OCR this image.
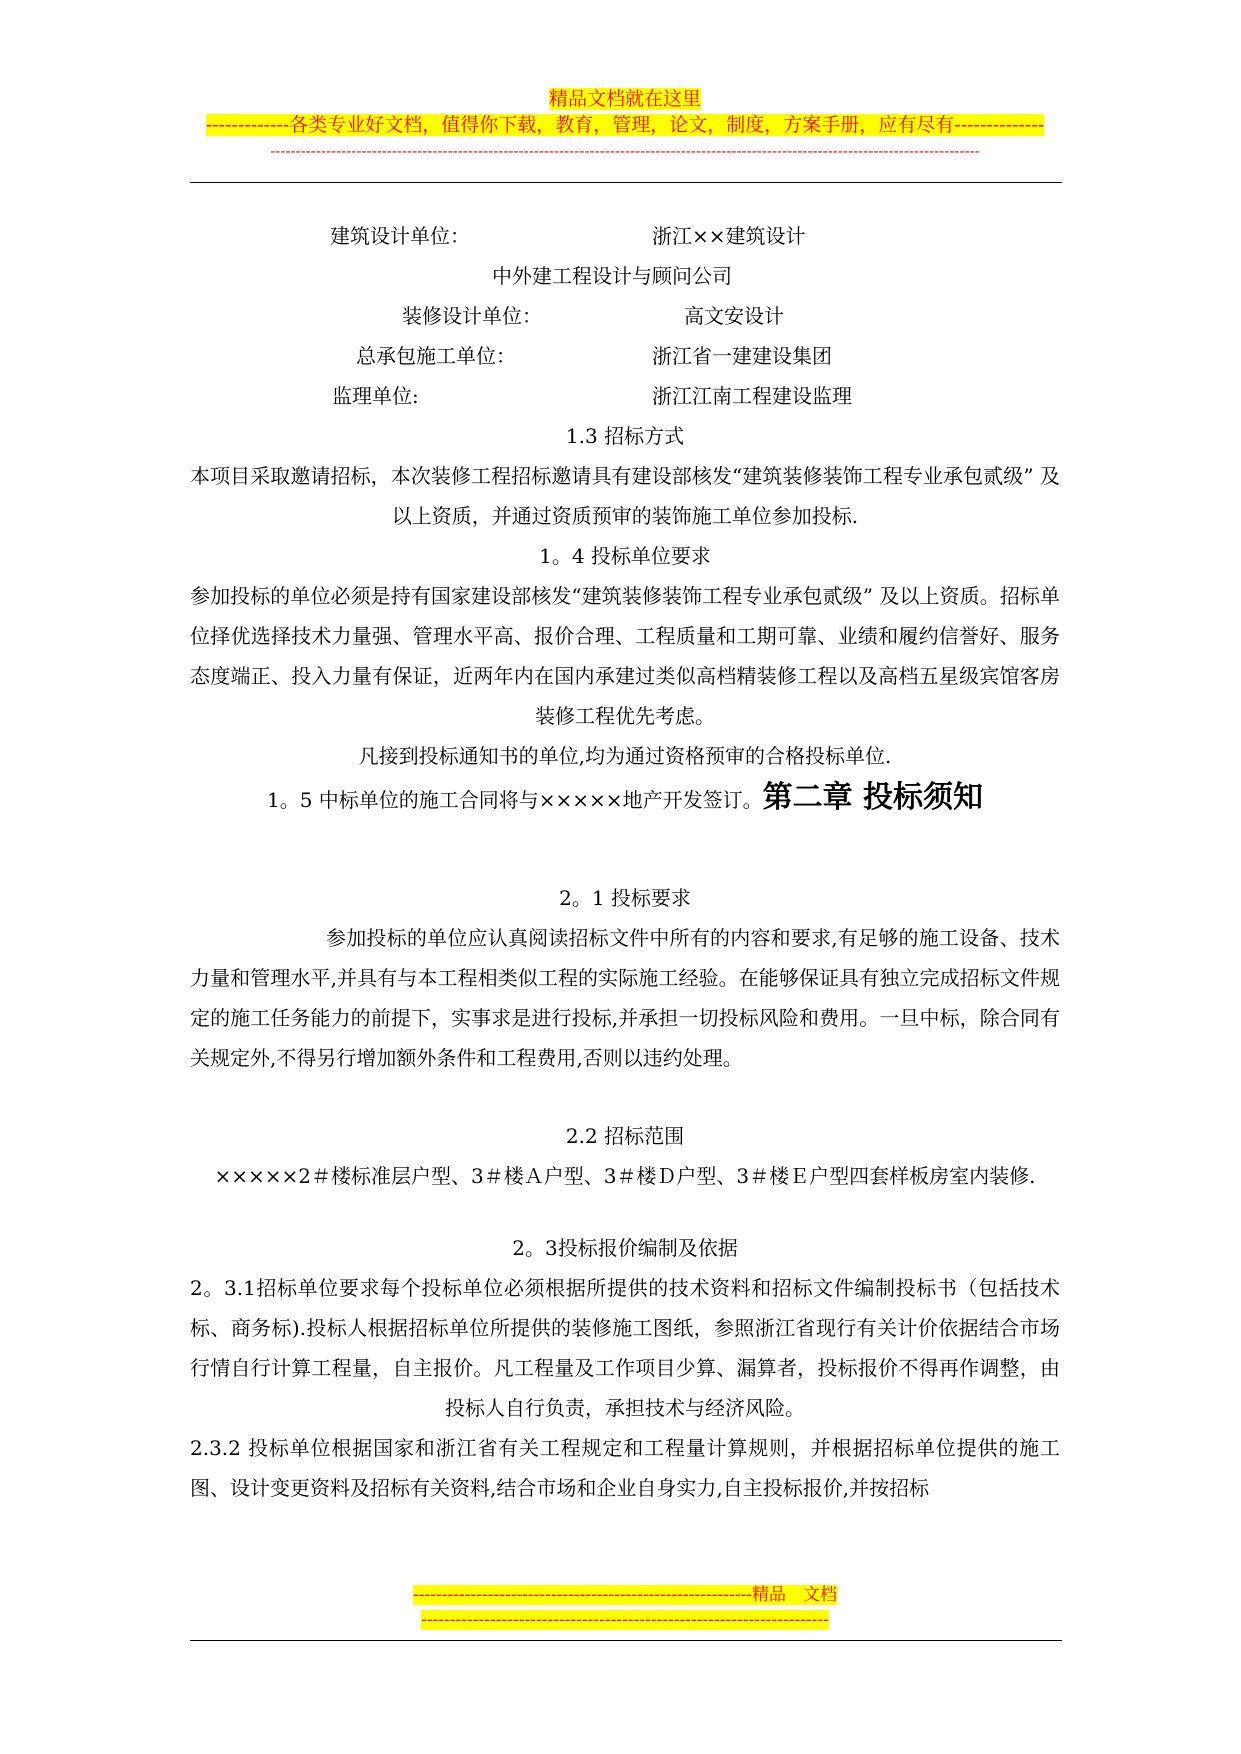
精品文档就在这里
-------------各类专业好文档，值得你下载，教育，管理，论文，制度，方案手册，应有尽有--------------
--------------------------------------------------------------------------------------------------------------------------------------------
建筑设计单位：	浙江××建筑设计
中外建工程设计与顾问公司
装修设计单位：	高文安设计
总承包施工单位：	浙江省一建建设集团
监理单位:	浙江江南工程建设监理
1.3 招标方式
本项目采取邀请招标，本次装修工程招标邀请具有建设部核发“建筑装修装饰工程专业承包贰级” 及以上资质，并通过资质预审的装饰施工单位参加投标.
1。4 投标单位要求
参加投标的单位必须是持有国家建设部核发“建筑装修装饰工程专业承包贰级” 及以上资质。招标单位择优选择技术力量强、管理水平高、报价合理、工程质量和工期可靠、业绩和履约信誉好、服务态度端正、投入力量有保证，近两年内在国内承建过类似高档精装修工程以及高档五星级宾馆客房装修工程优先考虑。
凡接到投标通知书的单位,均为通过资格预审的合格投标单位.
1。5 中标单位的施工合同将与×××××地产开发签订。第二章 投标须知
2。1 投标要求
参加投标的单位应认真阅读招标文件中所有的内容和要求,有足够的施工设备、技术力量和管理水平,并具有与本工程相类似工程的实际施工经验。在能够保证具有独立完成招标文件规定的施工任务能力的前提下，实事求是进行投标,并承担一切投标风险和费用。一旦中标，除合同有关规定外,不得另行增加额外条件和工程费用,否则以违约处理。
2.2 招标范围
×××××2＃楼标准层户型、3＃楼Ａ户型、3＃楼Ｄ户型、3＃楼Ｅ户型四套样板房室内装修.
2。3投标报价编制及依据
2。3.1招标单位要求每个投标单位必须根据所提供的技术资料和招标文件编制投标书（包括技术标、商务标).投标人根据招标单位所提供的装修施工图纸，参照浙江省现行有关计价依据结合市场行情自行计算工程量，自主报价。凡工程量及工作项目少算、漏算者，投标报价不得再作调整，由投标人自行负责，承担技术与经济风险。
2.3.2 投标单位根据国家和浙江省有关工程规定和工程量计算规则，并根据招标单位提供的施工图、设计变更资料及招标有关资料,结合市场和企业自身实力,自主投标报价,并按招标
-----------------------------------------------------------精品　文档
-----------------------------------------------------------------------
